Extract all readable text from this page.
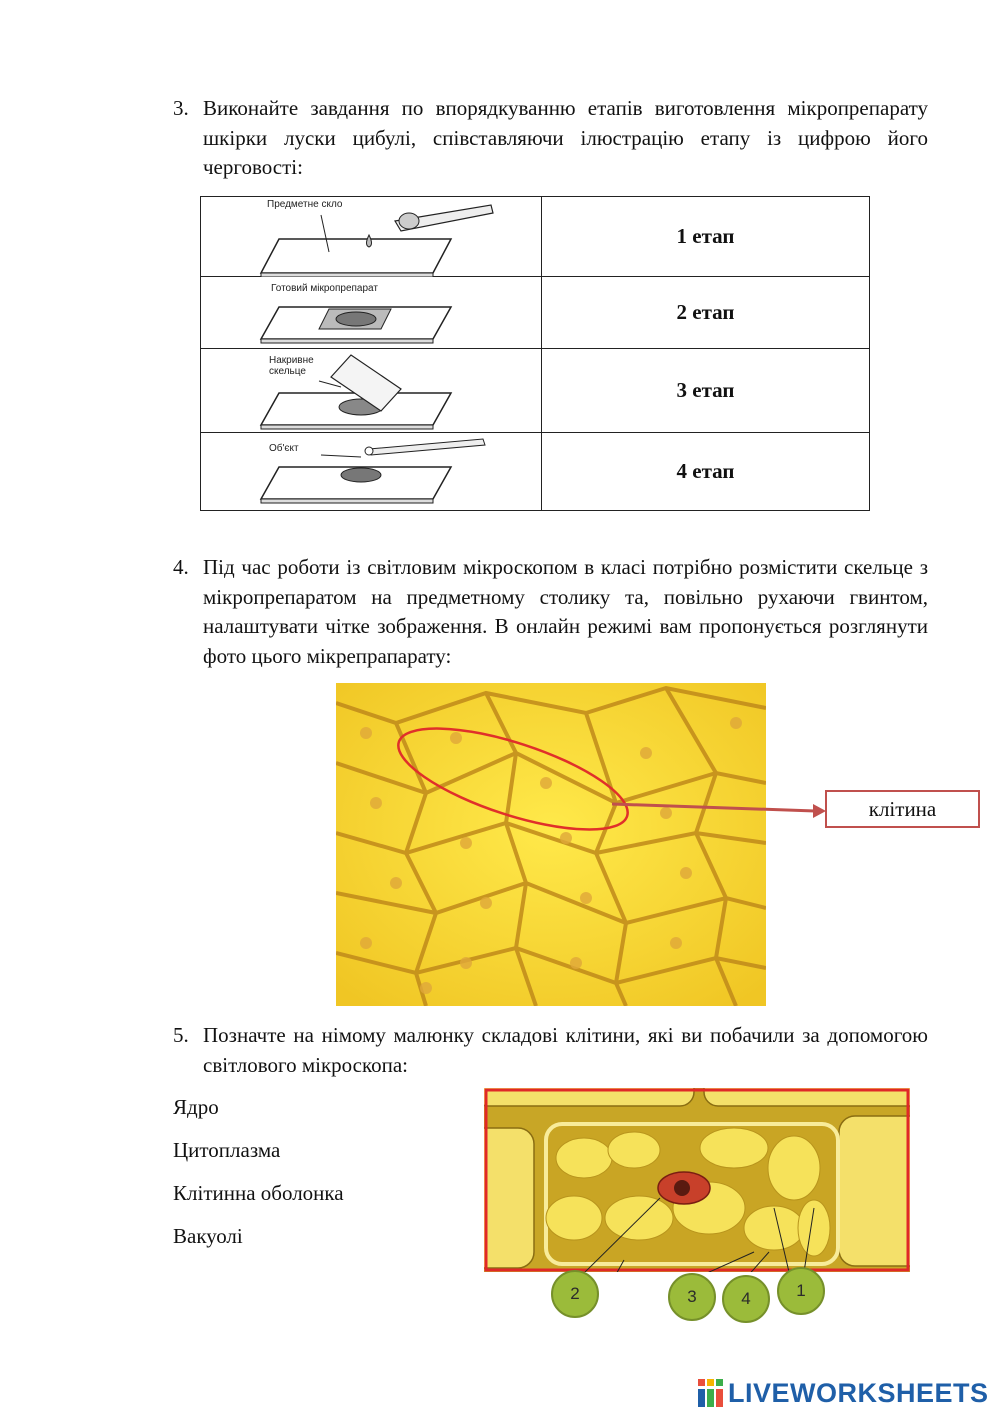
3. Виконайте завдання по впорядкуванню етапів виготовлення мікропрепарату шкірки луски цибулі, співставляючи ілюстрацію етапу із цифрою його черговості:
Предметне скло	1 етап

Готовий мікропрепарат	2 етап

Накривне
скельце	3 етап

Об'єкт	4 етап
4. Під час роботи із світловим мікроскопом в класі потрібно розмістити скельце з мікропрепаратом на предметному столику та, повільно рухаючи гвинтом, налаштувати чітке зображення. В онлайн режимі вам пропонується розглянути фото цього мікрепрапарату:
клітина
5. Позначте на німому малюнку складові клітини, які ви побачили за допомогою світлового мікроскопа:
Ядро
Цитоплазма
Клітинна оболонка
Вакуолі
2	3	4	1
LIVEWORKSHEETS
